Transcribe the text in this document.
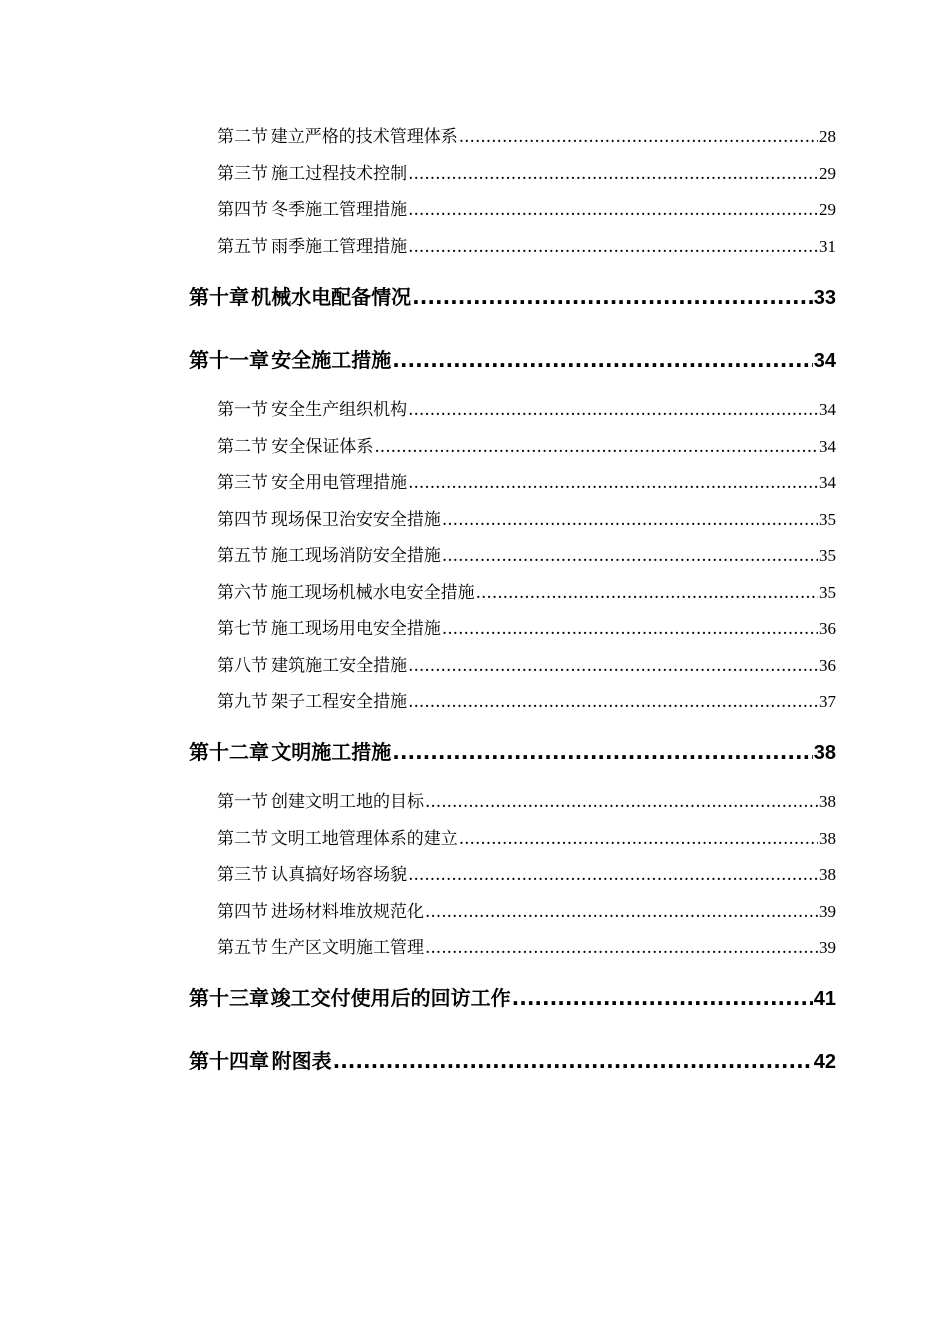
第二节 建立严格的技术管理体系 .....	28
第三节 施工过程技术控制 .....	29
第四节 冬季施工管理措施 .....	29
第五节 雨季施工管理措施 .....	31
第十章 机械水电配备情况 .....	33
第十一章 安全施工措施 .....	34
第一节 安全生产组织机构 .....	34
第二节 安全保证体系 .....	34
第三节 安全用电管理措施 .....	34
第四节 现场保卫治安安全措施 .....	35
第五节 施工现场消防安全措施 .....	35
第六节 施工现场机械水电安全措施 .....	35
第七节 施工现场用电安全措施 .....	36
第八节 建筑施工安全措施 .....	36
第九节 架子工程安全措施 .....	37
第十二章 文明施工措施 .....	38
第一节 创建文明工地的目标 .....	38
第二节 文明工地管理体系的建立 .....	38
第三节 认真搞好场容场貌 .....	38
第四节 进场材料堆放规范化 .....	39
第五节 生产区文明施工管理 .....	39
第十三章 竣工交付使用后的回访工作 .....	41
第十四章 附图表 .....	42
